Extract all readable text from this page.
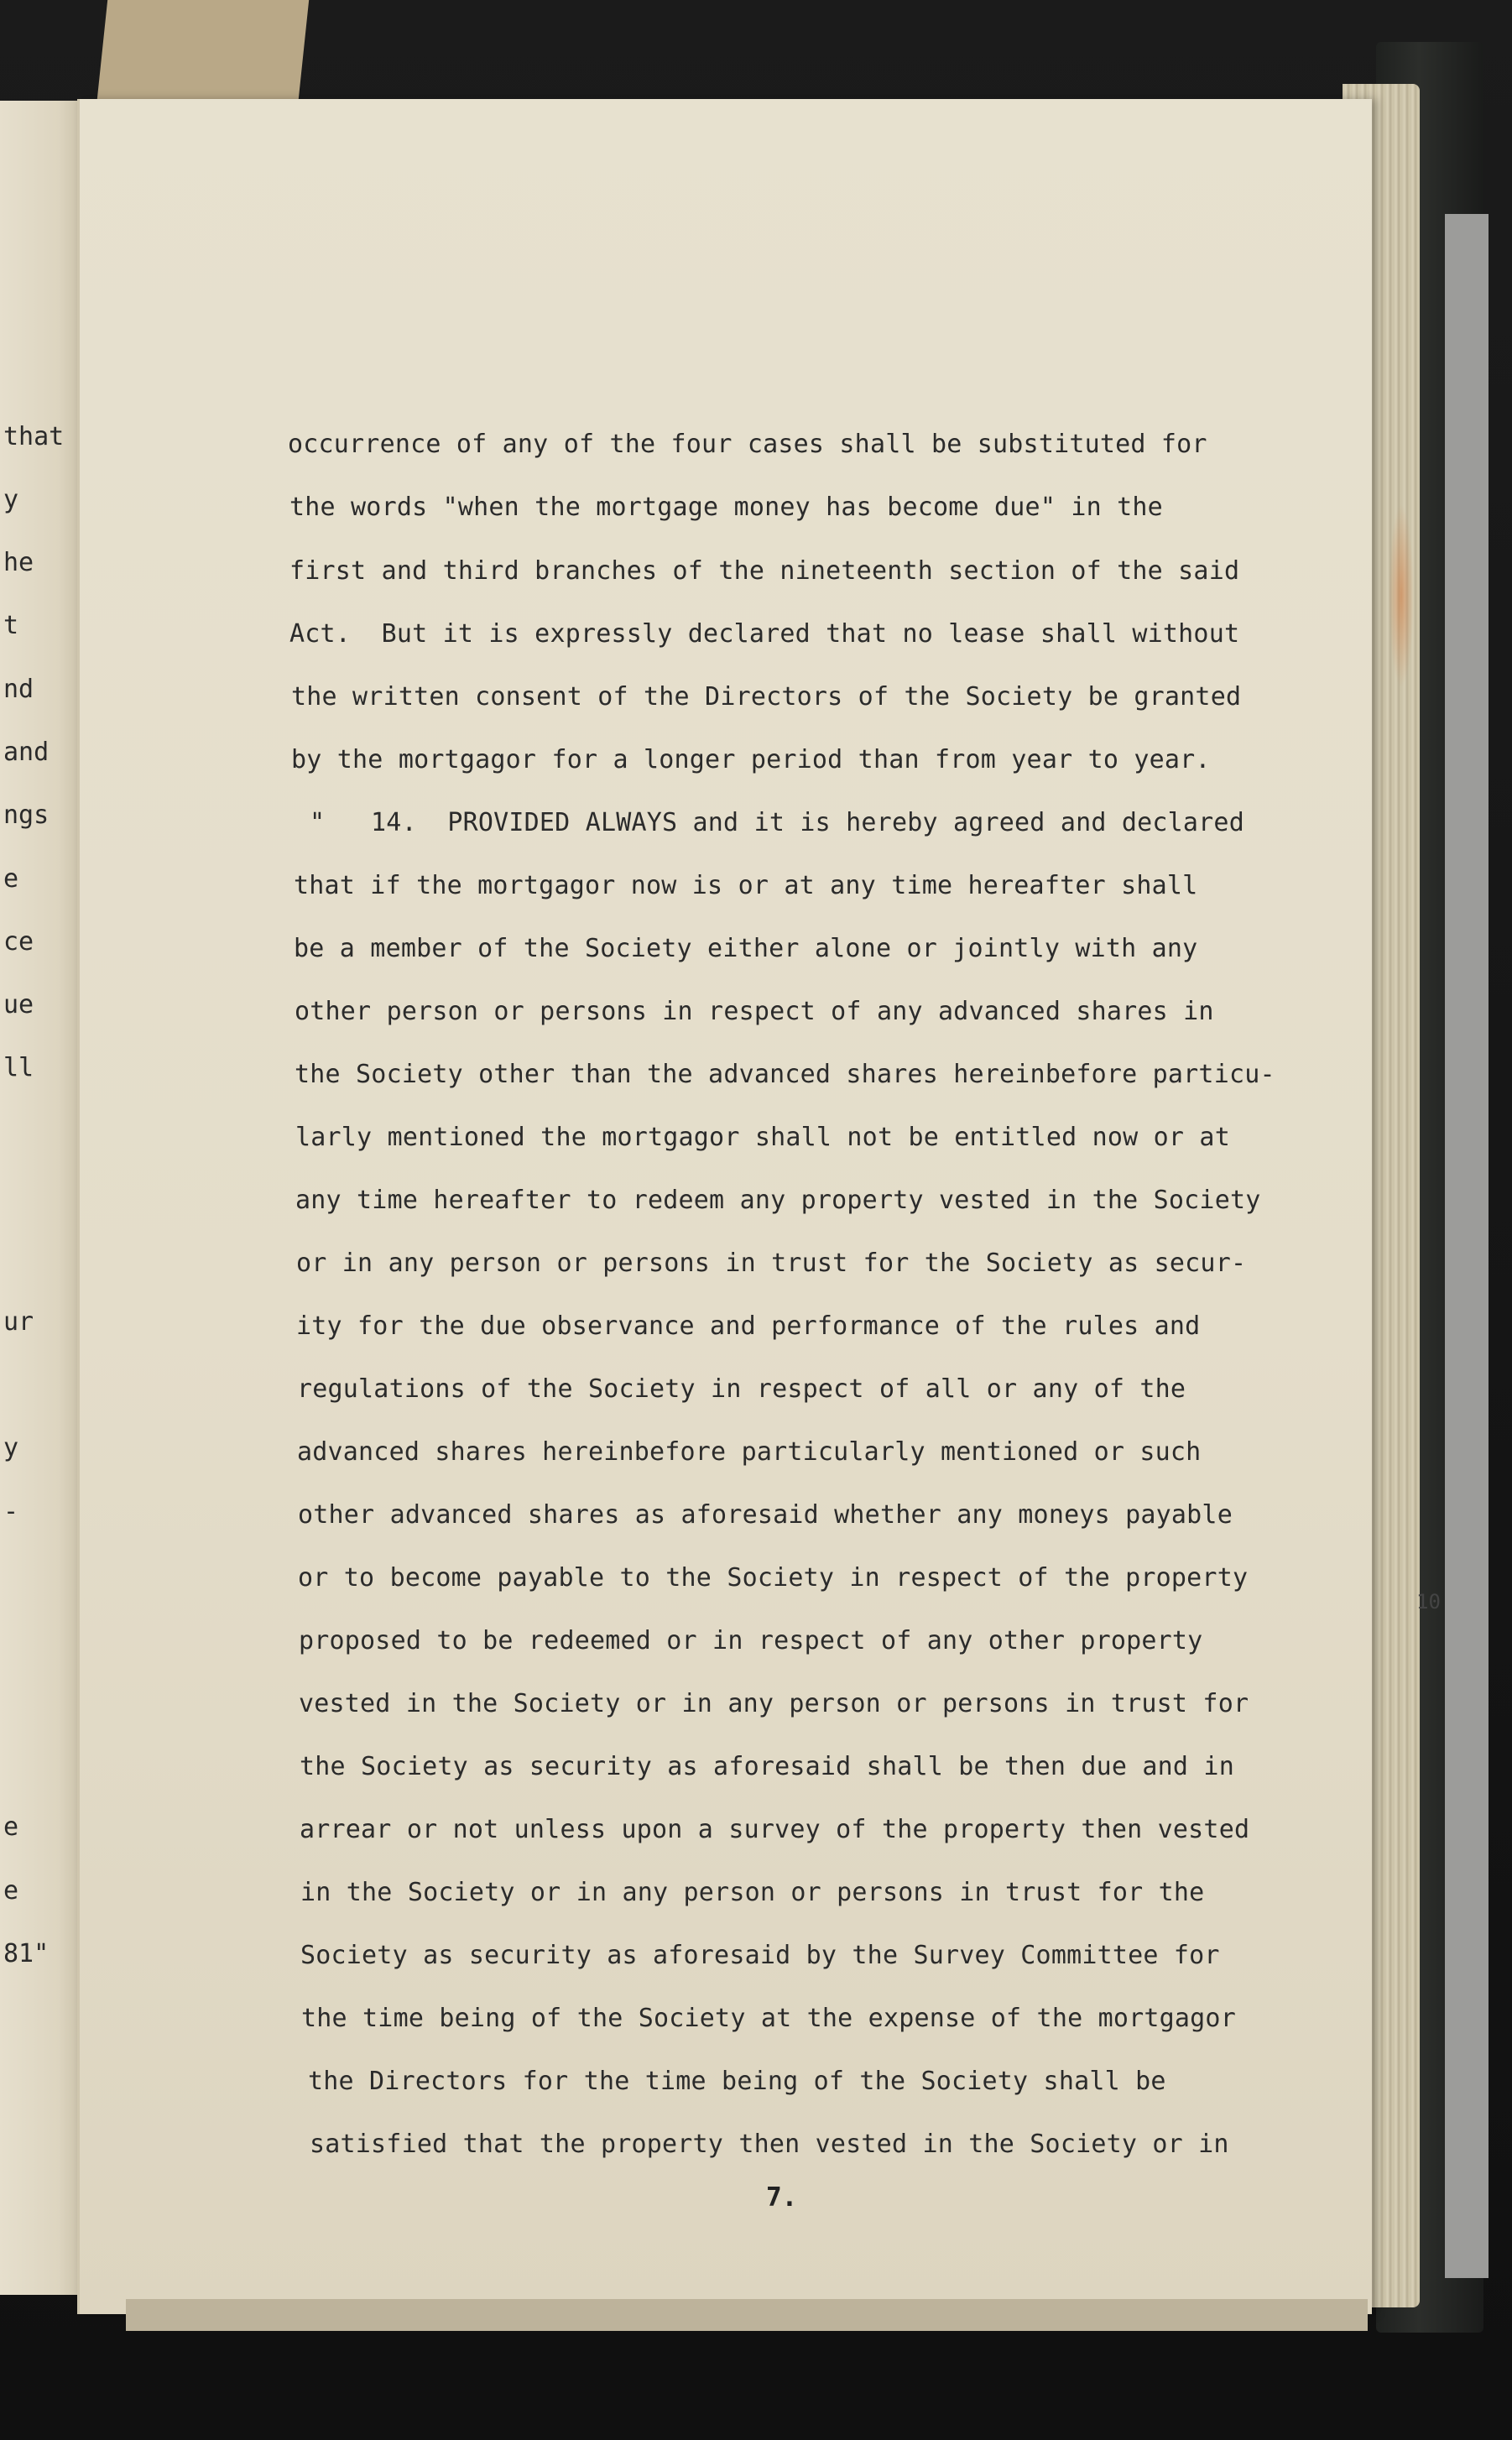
that
y
he
t
nd
and
ngs
e
ce
ue
ll
ur
y
-
e
e
81"
occurrence of any of the four cases shall be substituted for
the words "when the mortgage money has become due" in the
first and third branches of the nineteenth section of the said
Act.  But it is expressly declared that no lease shall without
the written consent of the Directors of the Society be granted
by the mortgagor for a longer period than from year to year.
"   14.  PROVIDED ALWAYS and it is hereby agreed and declared
that if the mortgagor now is or at any time hereafter shall
be a member of the Society either alone or jointly with any
other person or persons in respect of any advanced shares in
the Society other than the advanced shares hereinbefore particu-
larly mentioned the mortgagor shall not be entitled now or at
any time hereafter to redeem any property vested in the Society
or in any person or persons in trust for the Society as secur-
ity for the due observance and performance of the rules and
regulations of the Society in respect of all or any of the
advanced shares hereinbefore particularly mentioned or such
other advanced shares as aforesaid whether any moneys payable
or to become payable to the Society in respect of the property
proposed to be redeemed or in respect of any other property
vested in the Society or in any person or persons in trust for
the Society as security as aforesaid shall be then due and in
arrear or not unless upon a survey of the property then vested
in the Society or in any person or persons in trust for the
Society as security as aforesaid by the Survey Committee for
the time being of the Society at the expense of the mortgagor
the Directors for the time being of the Society shall be
satisfied that the property then vested in the Society or in
7.
10
